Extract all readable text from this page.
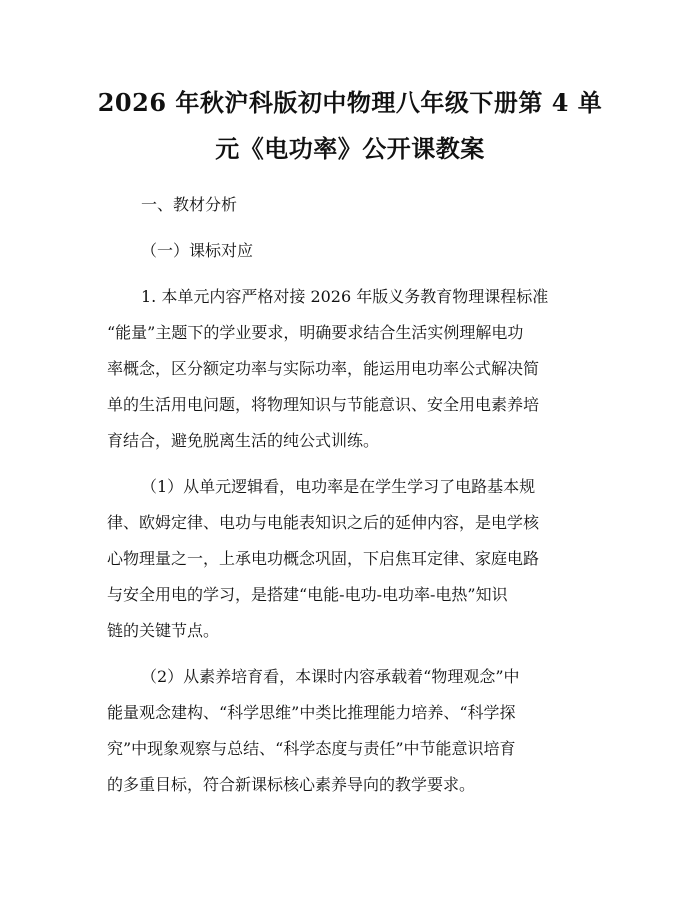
2026 年秋沪科版初中物理八年级下册第 4 单
元《电功率》公开课教案
一、教材分析
（一）课标对应
1. 本单元内容严格对接 2026 年版义务教育物理课程标准
“能量”主题下的学业要求，明确要求结合生活实例理解电功
率概念，区分额定功率与实际功率，能运用电功率公式解决简
单的生活用电问题，将物理知识与节能意识、安全用电素养培
育结合，避免脱离生活的纯公式训练。
（1）从单元逻辑看，电功率是在学生学习了电路基本规
律、欧姆定律、电功与电能表知识之后的延伸内容，是电学核
心物理量之一，上承电功概念巩固，下启焦耳定律、家庭电路
与安全用电的学习，是搭建“电能-电功-电功率-电热”知识
链的关键节点。
（2）从素养培育看，本课时内容承载着“物理观念”中
能量观念建构、“科学思维”中类比推理能力培养、“科学探
究”中现象观察与总结、“科学态度与责任”中节能意识培育
的多重目标，符合新课标核心素养导向的教学要求。
